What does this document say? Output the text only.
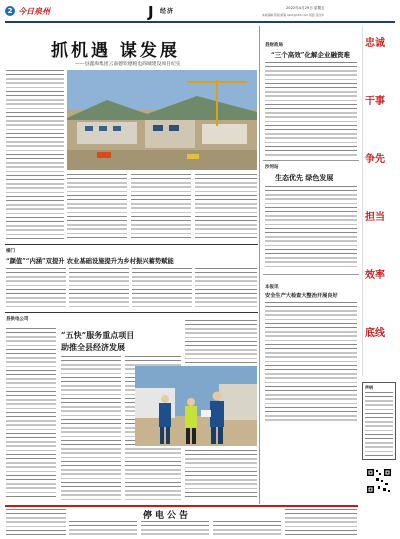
2 今日泉州	J 经济	2022年4月29日 星期五
本版编辑 陈晨 邮箱 qzrb@163.com 版面 张佳华
抓机遇 谋发展
——县鑫海集团云南德钦德帕电商城建设项目纪实
县财政局
“三个高效”化解企业融资难
忠诚
干事
争先
担当
效率
底线
沙河站
生态优先 绿色发展
本报讯
安全生产大检查大整治开展良好
声明
梯门
“颜值”“内涵”双提升 农业基础设施提升为乡村振兴蓄势赋能
县供电公司
“五快”服务重点项目
助推全县经济发展
停电公告
